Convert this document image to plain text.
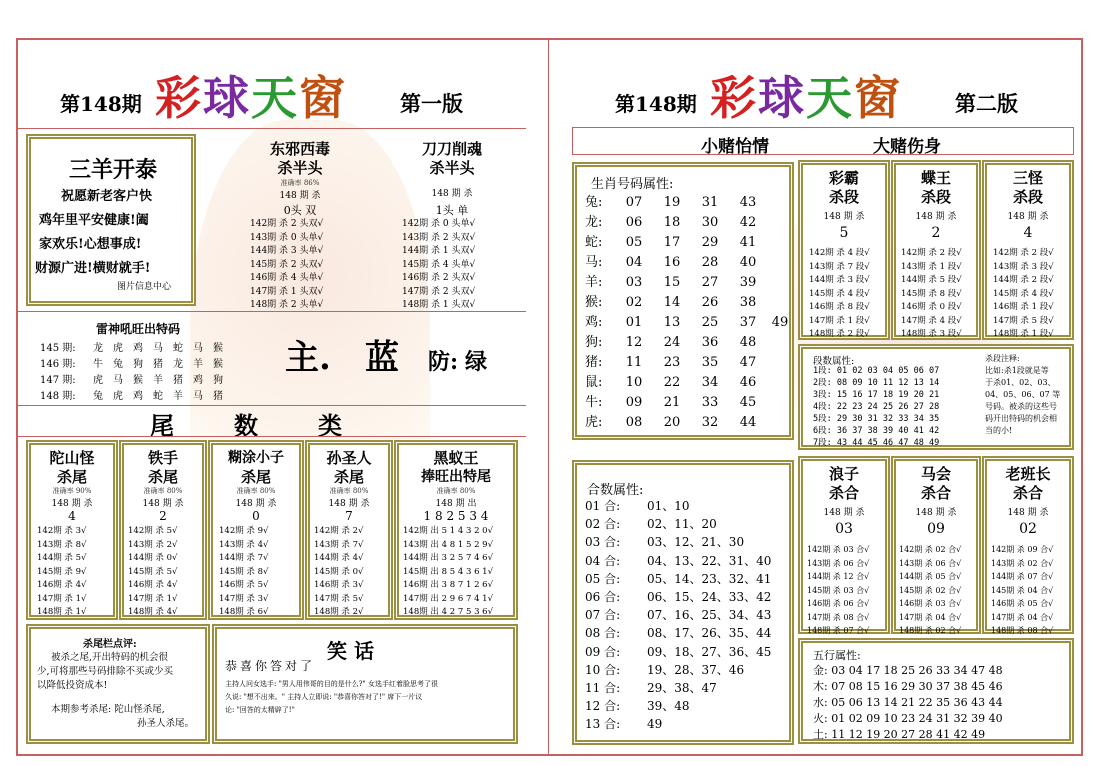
第148期 彩球天窗	第一版
三羊开泰
祝愿新老客户快
鸡年里平安健康!阖
家欢乐!心想事成!
财源广进!横财就手!
图片信息中心
东邪西毒
杀半头
准确率 86%
148 期 杀
0头 双
142期 杀 2 头双√
143期 杀 0 头单√
144期 杀 3 头单√
145期 杀 2 头双√
146期 杀 4 头单√
147期 杀 1 头双√
148期 杀 2 头单√
刀刀削魂
杀半头
148 期 杀
1头 单
142期 杀 0 头单√
143期 杀 2 头双√
144期 杀 1 头双√
145期 杀 4 头单√
146期 杀 2 头双√
147期 杀 2 头双√
148期 杀 1 头双√
雷神吼旺出特码
145 期: 龙 虎 鸡 马 蛇 马 猴
146 期: 牛 兔 狗 猪 龙 羊 猴
147 期: 虎 马 猴 羊 猪 鸡 狗
148 期: 兔 虎 鸡 蛇 羊 马 猪
主. 蓝 防: 绿
尾	数	类
陀山怪
杀尾
准确率 90%
148 期 杀
4
142期 杀 3√
143期 杀 8√
144期 杀 5√
145期 杀 9√
146期 杀 4√
147期 杀 1√
148期 杀 1√
铁手
杀尾
准确率 80%
148 期 杀
2
142期 杀 5√
143期 杀 2√
144期 杀 0√
145期 杀 5√
146期 杀 4√
147期 杀 1√
148期 杀 4√
糊涂小子
杀尾
准确率 80%
148 期 杀
0
142期 杀 9√
143期 杀 4√
144期 杀 7√
145期 杀 8√
146期 杀 5√
147期 杀 3√
148期 杀 6√
孙圣人
杀尾
准确率 80%
148 期 杀
7
142期 杀 2√
143期 杀 7√
144期 杀 4√
145期 杀 0√
146期 杀 3√
147期 杀 5√
148期 杀 2√
黑蚁王
捧旺出特尾
准确率 80%
148 期 出
1 8 2 5 3 4
142期 出 5 1 4 3 2 0√
143期 出 4 8 1 5 2 9√
144期 出 3 2 5 7 4 6√
145期 出 8 5 4 3 6 1√
146期 出 3 8 7 1 2 6√
147期 出 2 9 6 7 4 1√
148期 出 4 2 7 5 3 6√
杀尾栏点评:
被杀之尾,开出特码的机会很
少,可将那些号码排除不买或少买
以降低投资成本!
本期参考杀尾: 陀山怪杀尾,
孙圣人杀尾。
笑 话
恭喜你答对了
主持人问女选手: "男人用伟哥的目的是什么?" 女选手红着脸思考了很
久说: "想不出来。" 主持人立即说: "恭喜你答对了!" 席下一片议
论: "回答的太精辟了!"
第148期 彩球天窗	第二版
小赌怡情	大赌伤身
生肖号码属性:
兔: 07 19 31 43
龙: 06 18 30 42
蛇: 05 17 29 41
马: 04 16 28 40
羊: 03 15 27 39
猴: 02 14 26 38
鸡: 01 13 25 37 49
狗: 12 24 36 48
猪: 11 23 35 47
鼠: 10 22 34 46
牛: 09 21 33 45
虎: 08 20 32 44
彩霸
杀段
148 期 杀
5
142期 杀 4 段√
143期 杀 7 段√
144期 杀 3 段√
145期 杀 4 段√
146期 杀 8 段√
147期 杀 1 段√
148期 杀 2 段√
蝶王
杀段
148 期 杀
2
142期 杀 2 段√
143期 杀 1 段√
144期 杀 5 段√
145期 杀 8 段√
146期 杀 0 段√
147期 杀 4 段√
148期 杀 3 段√
三怪
杀段
148 期 杀
4
142期 杀 2 段√
143期 杀 3 段√
144期 杀 2 段√
145期 杀 4 段√
146期 杀 1 段√
147期 杀 5 段√
148期 杀 1 段√
段数属性:
1段: 01 02 03 04 05 06 07
2段: 08 09 10 11 12 13 14
3段: 15 16 17 18 19 20 21
4段: 22 23 24 25 26 27 28
5段: 29 30 31 32 33 34 35
6段: 36 37 38 39 40 41 42
7段: 43 44 45 46 47 48 49
杀段注释:
比如:杀1段就是等
于杀01、02、03、
04、05、06、07 等
号码。被杀的这些号
码开出特码的机会相
当的小!
合数属性:
01 合: 01、10
02 合: 02、11、20
03 合: 03、12、21、30
04 合: 04、13、22、31、40
05 合: 05、14、23、32、41
06 合: 06、15、24、33、42
07 合: 07、16、25、34、43
08 合: 08、17、26、35、44
09 合: 09、18、27、36、45
10 合: 19、28、37、46
11 合: 29、38、47
12 合: 39、48
13 合: 49
浪子
杀合
148 期 杀
03
142期 杀 03 合√
143期 杀 06 合√
144期 杀 12 合√
145期 杀 03 合√
146期 杀 06 合√
147期 杀 08 合√
148期 杀 07 合√
马会
杀合
148 期 杀
09
142期 杀 02 合√
143期 杀 06 合√
144期 杀 05 合√
145期 杀 02 合√
146期 杀 03 合√
147期 杀 04 合√
148期 杀 02 合√
老班长
杀合
148 期 杀
02
142期 杀 09 合√
143期 杀 02 合√
144期 杀 07 合√
145期 杀 04 合√
146期 杀 05 合√
147期 杀 04 合√
148期 杀 08 合√
五行属性:
金: 03 04 17 18 25 26 33 34 47 48
木: 07 08 15 16 29 30 37 38 45 46
水: 05 06 13 14 21 22 35 36 43 44
火: 01 02 09 10 23 24 31 32 39 40
土: 11 12 19 20 27 28 41 42 49
